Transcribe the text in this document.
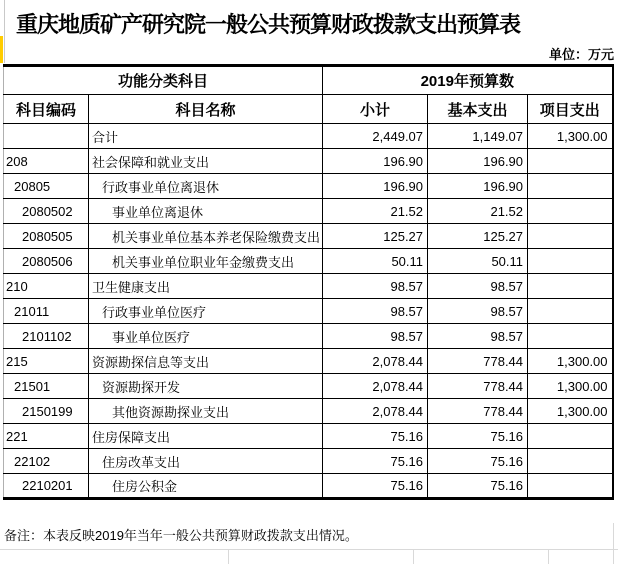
重庆地质矿产研究院一般公共预算财政拨款支出预算表
单位：万元
功能分类科目		2019年预算数		
科目编码	科目名称	小计	基本支出	项目支出
	合计	2,449.07	1,149.07	1,300.00
208	社会保障和就业支出	196.90	196.90	
20805	行政事业单位离退休	196.90	196.90	
2080502	事业单位离退休	21.52	21.52	
2080505	机关事业单位基本养老保险缴费支出	125.27	125.27	
2080506	机关事业单位职业年金缴费支出	50.11	50.11	
210	卫生健康支出	98.57	98.57	
21011	行政事业单位医疗	98.57	98.57	
2101102	事业单位医疗	98.57	98.57	
215	资源勘探信息等支出	2,078.44	778.44	1,300.00
21501	资源勘探开发	2,078.44	778.44	1,300.00
2150199	其他资源勘探业支出	2,078.44	778.44	1,300.00
221	住房保障支出	75.16	75.16	
22102	住房改革支出	75.16	75.16	
2210201	住房公积金	75.16	75.16	
备注：本表反映2019年当年一般公共预算财政拨款支出情况。
